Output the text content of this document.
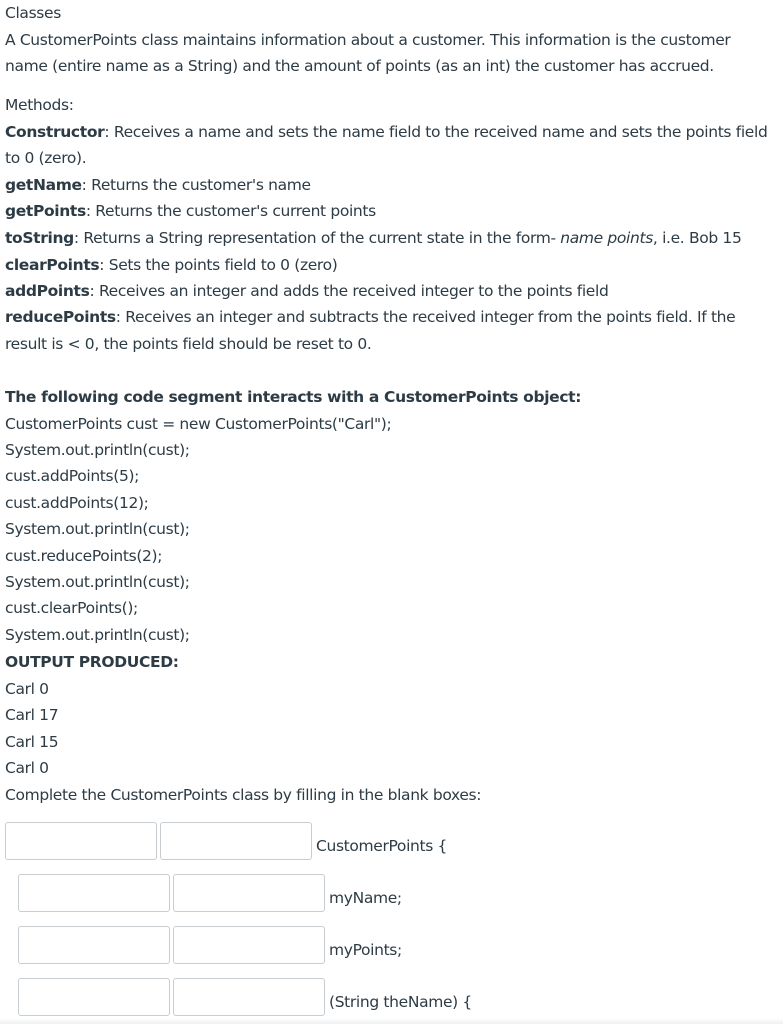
Classes
A CustomerPoints class maintains information about a customer. This information is the customer
name (entire name as a String) and the amount of points (as an int) the customer has accrued.
Methods:
Constructor: Receives a name and sets the name field to the received name and sets the points field
to 0 (zero).
getName: Returns the customer's name
getPoints: Returns the customer's current points
toString: Returns a String representation of the current state in the form- name points, i.e. Bob 15
clearPoints: Sets the points field to 0 (zero)
addPoints: Receives an integer and adds the received integer to the points field
reducePoints: Receives an integer and subtracts the received integer from the points field. If the
result is < 0, the points field should be reset to 0.
The following code segment interacts with a CustomerPoints object:
CustomerPoints cust = new CustomerPoints("Carl");
System.out.println(cust);
cust.addPoints(5);
cust.addPoints(12);
System.out.println(cust);
cust.reducePoints(2);
System.out.println(cust);
cust.clearPoints();
System.out.println(cust);
OUTPUT PRODUCED:
Carl 0
Carl 17
Carl 15
Carl 0
Complete the CustomerPoints class by filling in the blank boxes:
CustomerPoints {
myName;
myPoints;
(String theName) {
